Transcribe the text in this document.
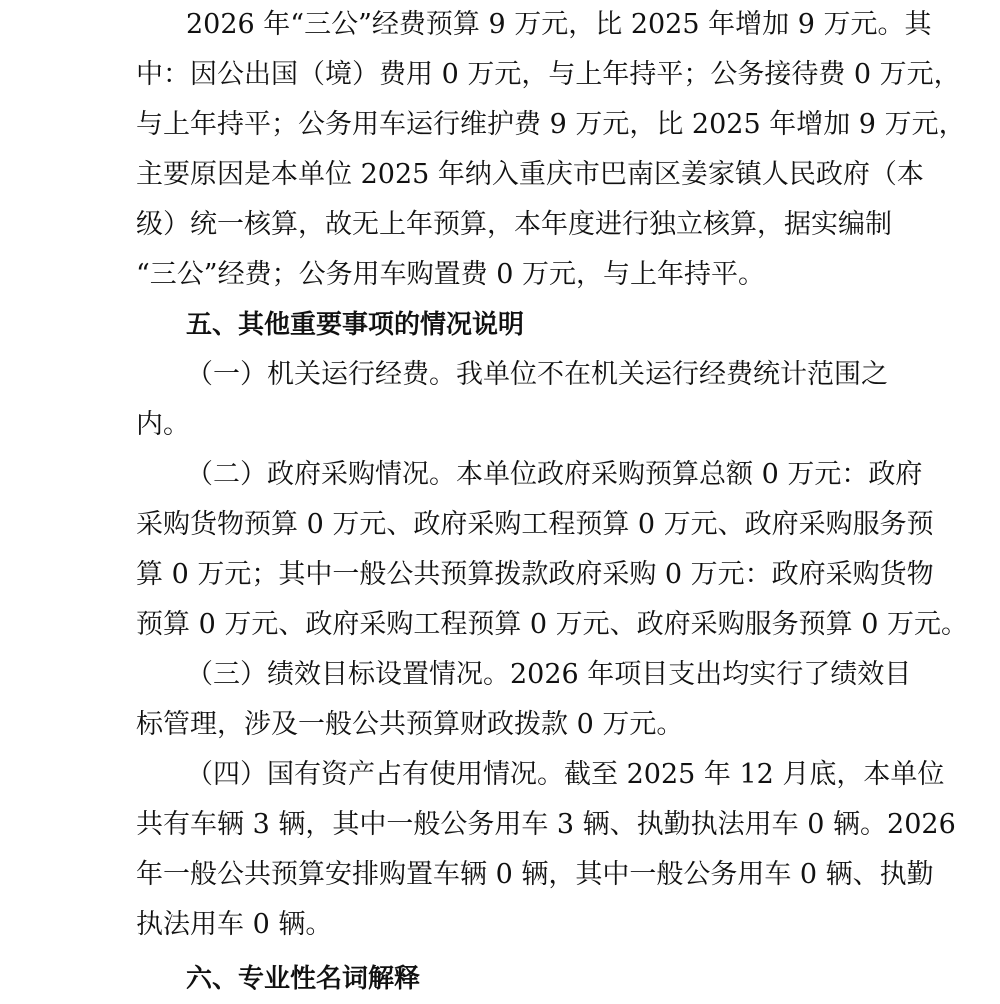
2026 年“三公”经费预算 9 万元，比 2025 年增加 9 万元。其
中：因公出国（境）费用 0 万元，与上年持平；公务接待费 0 万元，
与上年持平；公务用车运行维护费 9 万元，比 2025 年增加 9 万元，
主要原因是本单位 2025 年纳入重庆市巴南区姜家镇人民政府（本
级）统一核算，故无上年预算，本年度进行独立核算，据实编制
“三公”经费；公务用车购置费 0 万元，与上年持平。
五、其他重要事项的情况说明
（一）机关运行经费。我单位不在机关运行经费统计范围之
内。
（二）政府采购情况。本单位政府采购预算总额 0 万元：政府
采购货物预算 0 万元、政府采购工程预算 0 万元、政府采购服务预
算 0 万元；其中一般公共预算拨款政府采购 0 万元：政府采购货物
预算 0 万元、政府采购工程预算 0 万元、政府采购服务预算 0 万元。
（三）绩效目标设置情况。2026 年项目支出均实行了绩效目
标管理，涉及一般公共预算财政拨款 0 万元。
（四）国有资产占有使用情况。截至 2025 年 12 月底，本单位
共有车辆 3 辆，其中一般公务用车 3 辆、执勤执法用车 0 辆。2026
年一般公共预算安排购置车辆 0 辆，其中一般公务用车 0 辆、执勤
执法用车 0 辆。
六、专业性名词解释
